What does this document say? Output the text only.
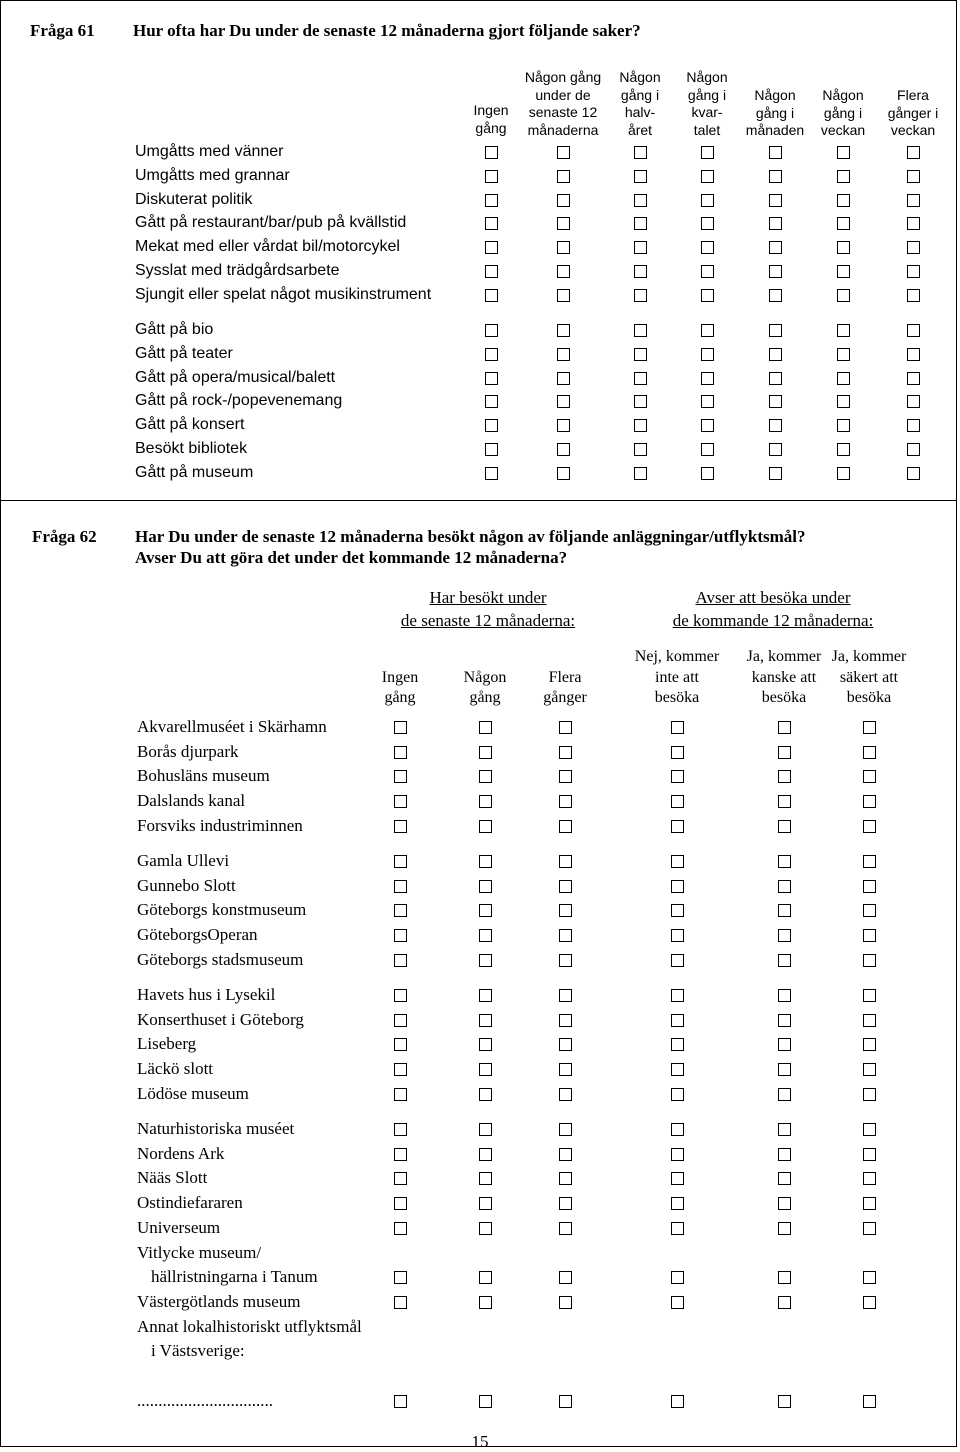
Fråga 61 Hur ofta har Du under de senaste 12 månaderna gjort följande saker?
Ingen
gång
Någon gång
under de
senaste 12
månaderna
Någon
gång i
halv-
året
Någon
gång i
kvar-
talet
Någon
gång i
månaden
Någon
gång i
veckan
Flera
gånger i
veckan
Umgåtts med vänner
Umgåtts med grannar
Diskuterat politik
Gått på restaurant/bar/pub på kvällstid
Mekat med eller vårdat bil/motorcykel
Sysslat med trädgårdsarbete
Sjungit eller spelat något musikinstrument
Gått på bio
Gått på teater
Gått på opera/musical/balett
Gått på rock-/popevenemang
Gått på konsert
Besökt bibliotek
Gått på museum
Fråga 62 Har Du under de senaste 12 månaderna besökt någon av följande anläggningar/utflyktsmål?
Avser Du att göra det under det kommande 12 månaderna?
Har besökt under
de senaste 12 månaderna:
Avser att besöka under
de kommande 12 månaderna:
Ingen
gång
Någon
gång
Flera
gånger
Nej, kommer
inte att
besöka
Ja, kommer
kanske att
besöka
Ja, kommer
säkert att
besöka
Akvarellmuséet i Skärhamn
Borås djurpark
Bohusläns museum
Dalslands kanal
Forsviks industriminnen
Gamla Ullevi
Gunnebo Slott
Göteborgs konstmuseum
GöteborgsOperan
Göteborgs stadsmuseum
Havets hus i Lysekil
Konserthuset i Göteborg
Liseberg
Läckö slott
Lödöse museum
Naturhistoriska muséet
Nordens Ark
Nääs Slott
Ostindiefararen
Universeum
Vitlycke museum/
hällristningarna i Tanum
Västergötlands museum
Annat lokalhistoriskt utflyktsmål
i Västsverige:
................................
15
